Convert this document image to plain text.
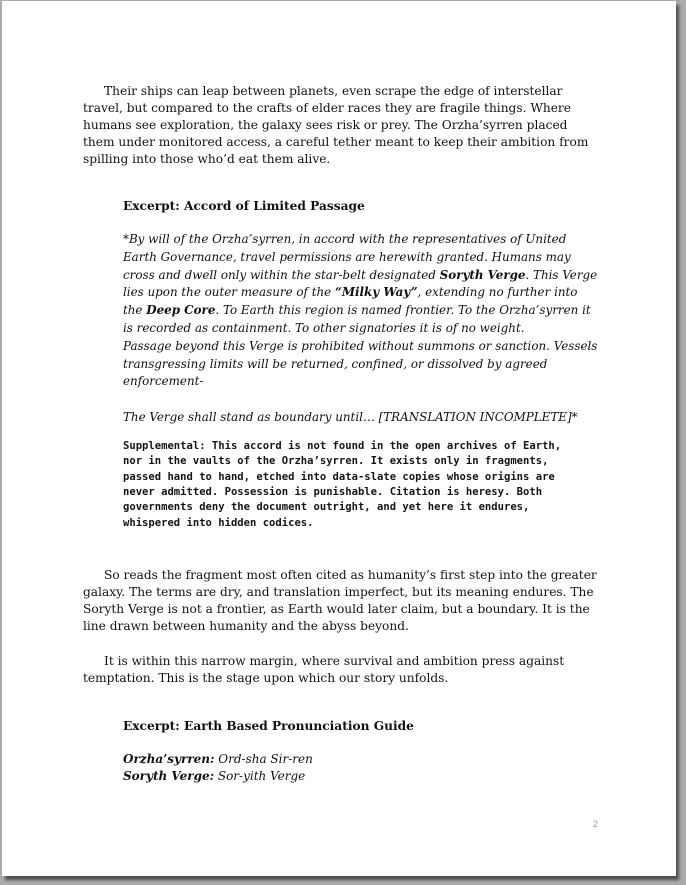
Their ships can leap between planets, even scrape the edge of interstellar travel, but compared to the crafts of elder races they are fragile things. Where humans see exploration, the galaxy sees risk or prey. The Orzha’syrren placed them under monitored access, a careful tether meant to keep their ambition from spilling into those who’d eat them alive.

Excerpt: Accord of Limited Passage

*By will of the Orzha’syrren, in accord with the representatives of United Earth Governance, travel permissions are herewith granted. Humans may cross and dwell only within the star-belt designated Soryth Verge. This Verge lies upon the outer measure of the “Milky Way”, extending no further into the Deep Core. To Earth this region is named frontier. To the Orzha’syrren it is recorded as containment. To other signatories it is of no weight.

Passage beyond this Verge is prohibited without summons or sanction. Vessels transgressing limits will be returned, confined, or dissolved by agreed enforcement-

The Verge shall stand as boundary until… [TRANSLATION INCOMPLETE]*

Supplemental: This accord is not found in the open archives of Earth,
nor in the vaults of the Orzha’syrren. It exists only in fragments,
passed hand to hand, etched into data-slate copies whose origins are
never admitted. Possession is punishable. Citation is heresy. Both
governments deny the document outright, and yet here it endures,
whispered into hidden codices.

So reads the fragment most often cited as humanity’s first step into the greater galaxy. The terms are dry, and translation imperfect, but its meaning endures. The Soryth Verge is not a frontier, as Earth would later claim, but a boundary. It is the line drawn between humanity and the abyss beyond.

It is within this narrow margin, where survival and ambition press against temptation. This is the stage upon which our story unfolds.

Excerpt: Earth Based Pronunciation Guide

Orzha’syrren: Ord-sha Sir-ren
Soryth Verge: Sor-yith Verge
2
